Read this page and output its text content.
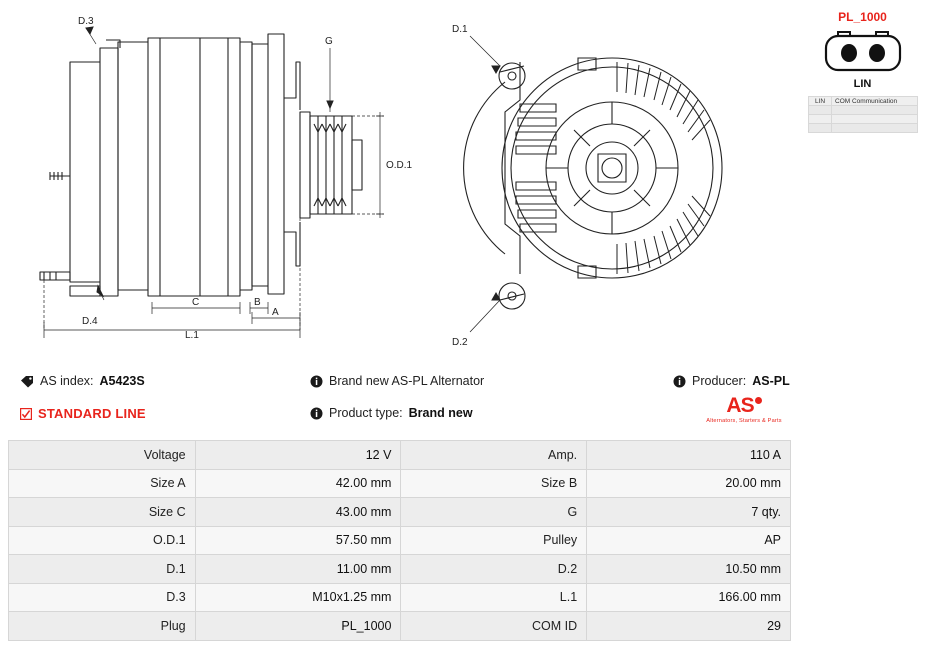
D.3
D.4
G
O.D.1
C	B
A
L.1
D.1
D.2
AS index: A5423S
STANDARD LINE
Brand new AS-PL Alternator
Product type: Brand new
Producer: AS-PL
AS
Alternators, Starters & Parts
Voltage	12 V	Amp.	110 A
Size A	42.00 mm	Size B	20.00 mm
Size C	43.00 mm	G	7 qty.
O.D.1	57.50 mm	Pulley	AP
D.1	11.00 mm	D.2	10.50 mm
D.3	M10x1.25 mm	L.1	166.00 mm
Plug	PL_1000	COM ID	29
PL_1000
LIN
LIN	COM Communication
